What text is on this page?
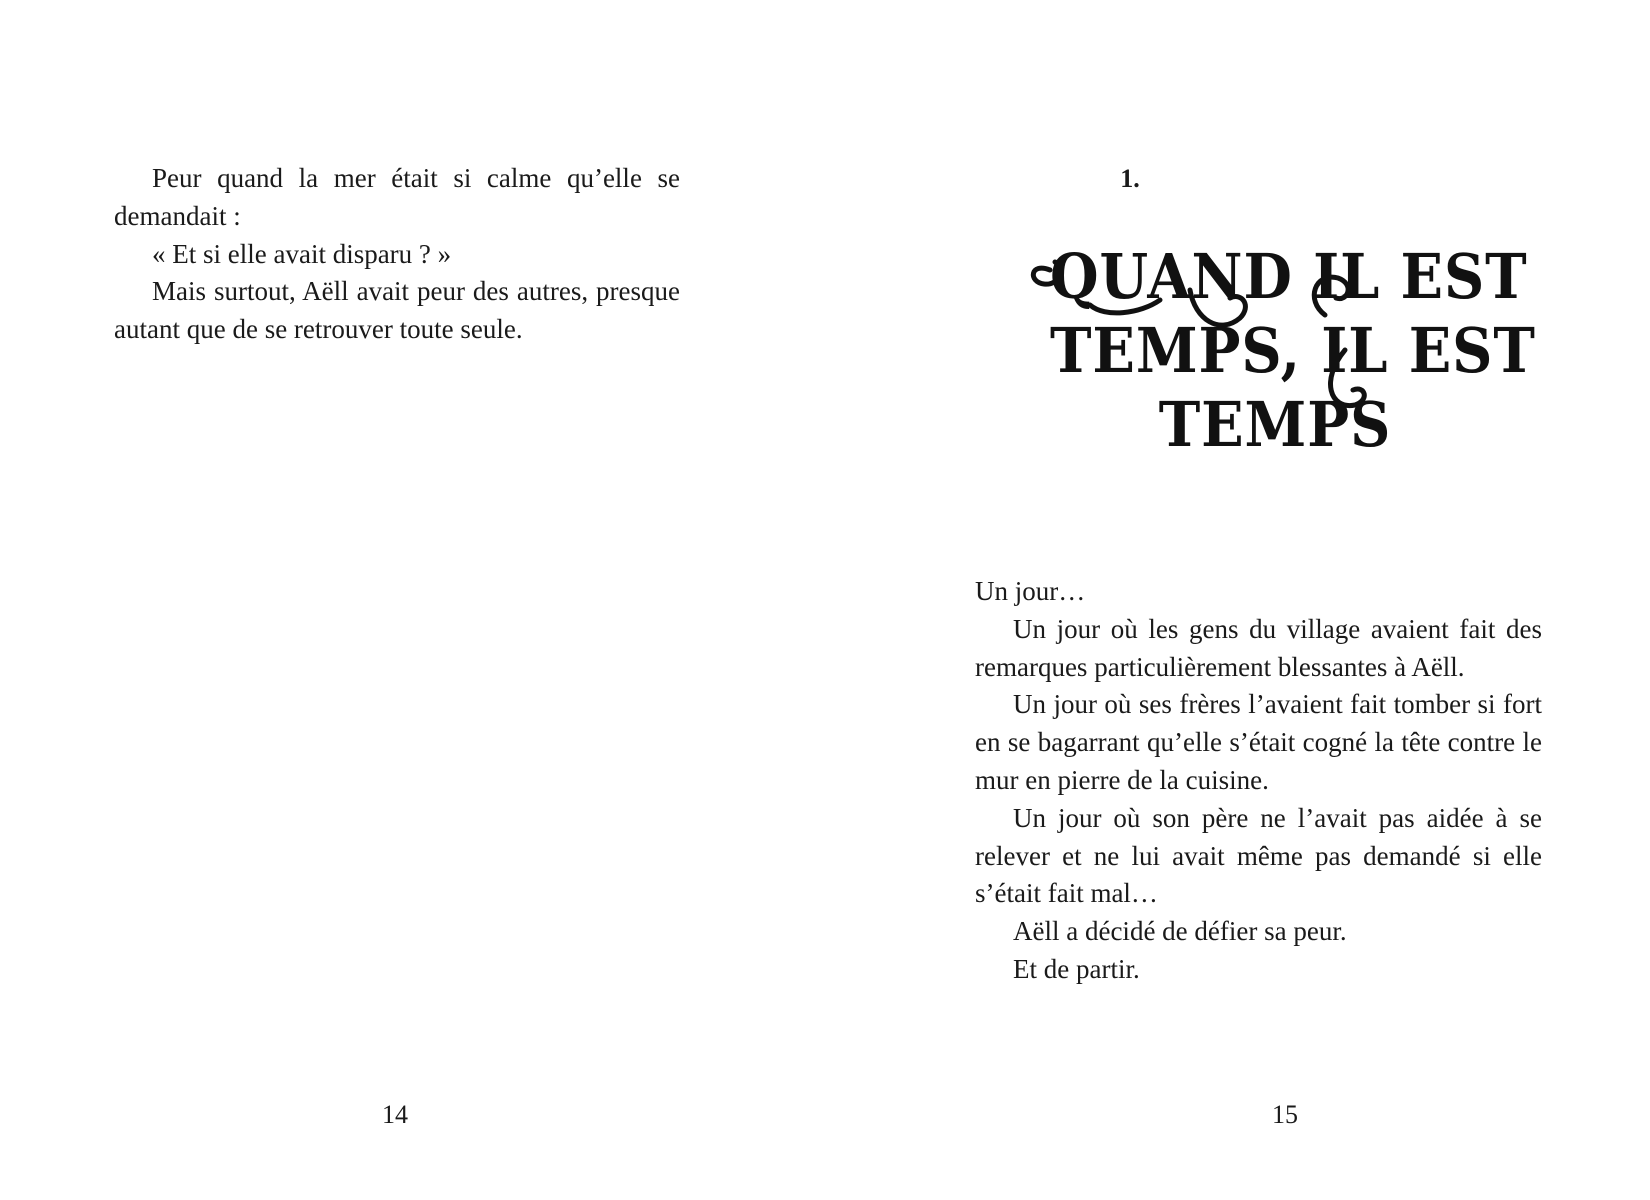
Peur quand la mer était si calme qu’elle se demandait :

« Et si elle avait disparu ? »

Mais surtout, Aëll avait peur des autres, presque autant que de se retrouver toute seule.

14
1.
QUAND IL EST
TEMPS, IL EST
TEMPS

Un jour…

Un jour où les gens du village avaient fait des remarques particulièrement blessantes à Aëll.

Un jour où ses frères l’avaient fait tomber si fort en se bagarrant qu’elle s’était cogné la tête contre le mur en pierre de la cuisine.

Un jour où son père ne l’avait pas aidée à se relever et ne lui avait même pas demandé si elle s’était fait mal…

Aëll a décidé de défier sa peur.

Et de partir.

15
